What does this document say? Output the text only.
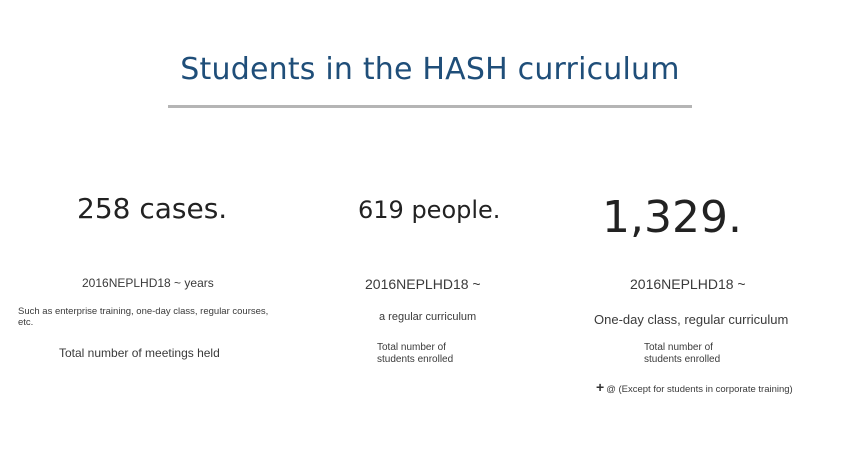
Students in the HASH curriculum
258 cases.
2016NEPLHD18 ~ years
Such as enterprise training, one-day class, regular courses, etc.
Total number of meetings held
619 people.
2016NEPLHD18 ~
a regular curriculum
Total number of students enrolled
1,329.
2016NEPLHD18 ~
One-day class, regular curriculum
Total number of students enrolled
+ @ (Except for students in corporate training)
